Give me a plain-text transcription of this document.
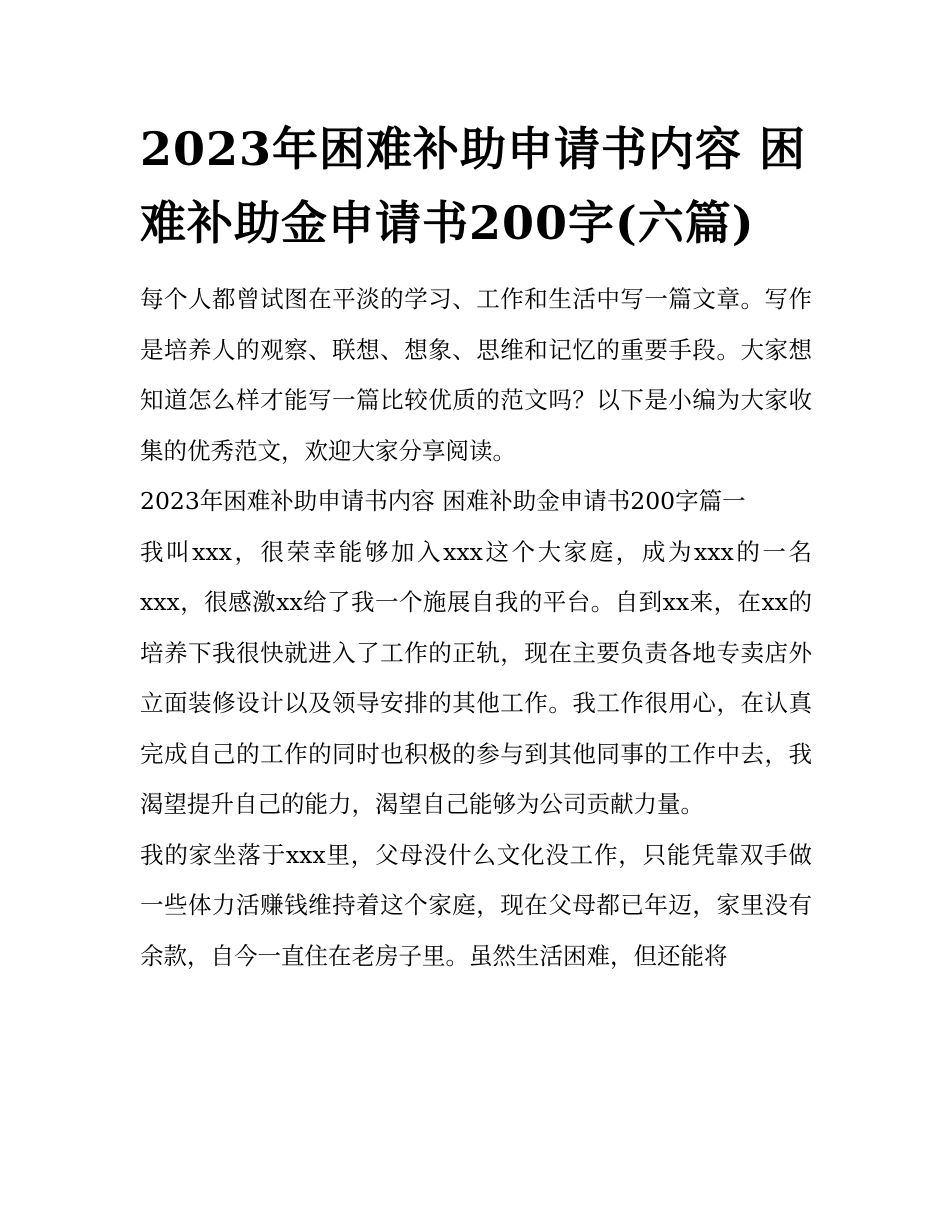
2023年困难补助申请书内容 困难补助金申请书200字(六篇)

每个人都曾试图在平淡的学习、工作和生活中写一篇文章。写作是培养人的观察、联想、想象、思维和记忆的重要手段。大家想知道怎么样才能写一篇比较优质的范文吗？以下是小编为大家收集的优秀范文，欢迎大家分享阅读。

2023年困难补助申请书内容 困难补助金申请书200字篇一

我叫xxx，很荣幸能够加入xxx这个大家庭，成为xxx的一名xxx，很感激xx给了我一个施展自我的平台。自到xx来，在xx的培养下我很快就进入了工作的正轨，现在主要负责各地专卖店外立面装修设计以及领导安排的其他工作。我工作很用心，在认真完成自己的工作的同时也积极的参与到其他同事的工作中去，我渴望提升自己的能力，渴望自己能够为公司贡献力量。

我的家坐落于xxx里，父母没什么文化没工作，只能凭靠双手做一些体力活赚钱维持着这个家庭，现在父母都已年迈，家里没有余款，自今一直住在老房子里。虽然生活困难，但还能将
